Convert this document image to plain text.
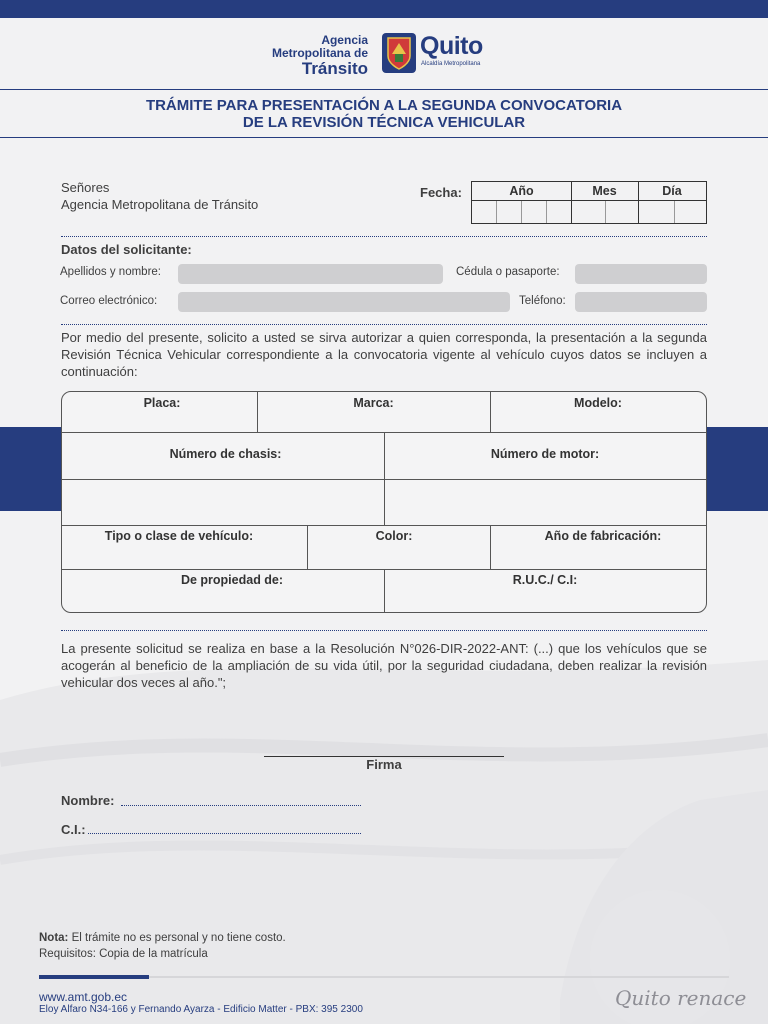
Agencia
Metropolitana de
Tránsito
Quito
Alcaldía Metropolitana
TRÁMITE PARA PRESENTACIÓN A LA SEGUNDA CONVOCATORIA
DE LA REVISIÓN TÉCNICA VEHICULAR
Señores
Agencia Metropolitana de Tránsito
Fecha:	Año	Mes	Día
Datos del solicitante:
Apellidos y nombre:	Cédula o pasaporte:
Correo electrónico:	Teléfono:
Por medio del presente, solicito a usted se sirva autorizar a quien corresponda, la presentación a la segunda Revisión Técnica Vehicular correspondiente a la convocatoria vigente al vehículo cuyos datos se incluyen a continuación:
Placa:	Marca:	Modelo:
Número de chasis:	Número de motor:
Tipo o clase de vehículo:	Color:	Año de fabricación:
De propiedad de:	R.U.C./ C.I:
La presente solicitud se realiza en base a la Resolución N°026-DIR-2022-ANT: (...) que los vehículos que se acogerán al beneficio de la ampliación de su vida útil, por la seguridad ciudadana, deben realizar la revisión vehicular dos veces al año.";
Firma
Nombre:
C.I.:
Nota: El trámite no es personal y no tiene costo.
Requisitos: Copia de la matrícula
www.amt.gob.ec
Eloy Alfaro N34-166 y Fernando Ayarza - Edificio Matter - PBX: 395 2300	Quito renace
